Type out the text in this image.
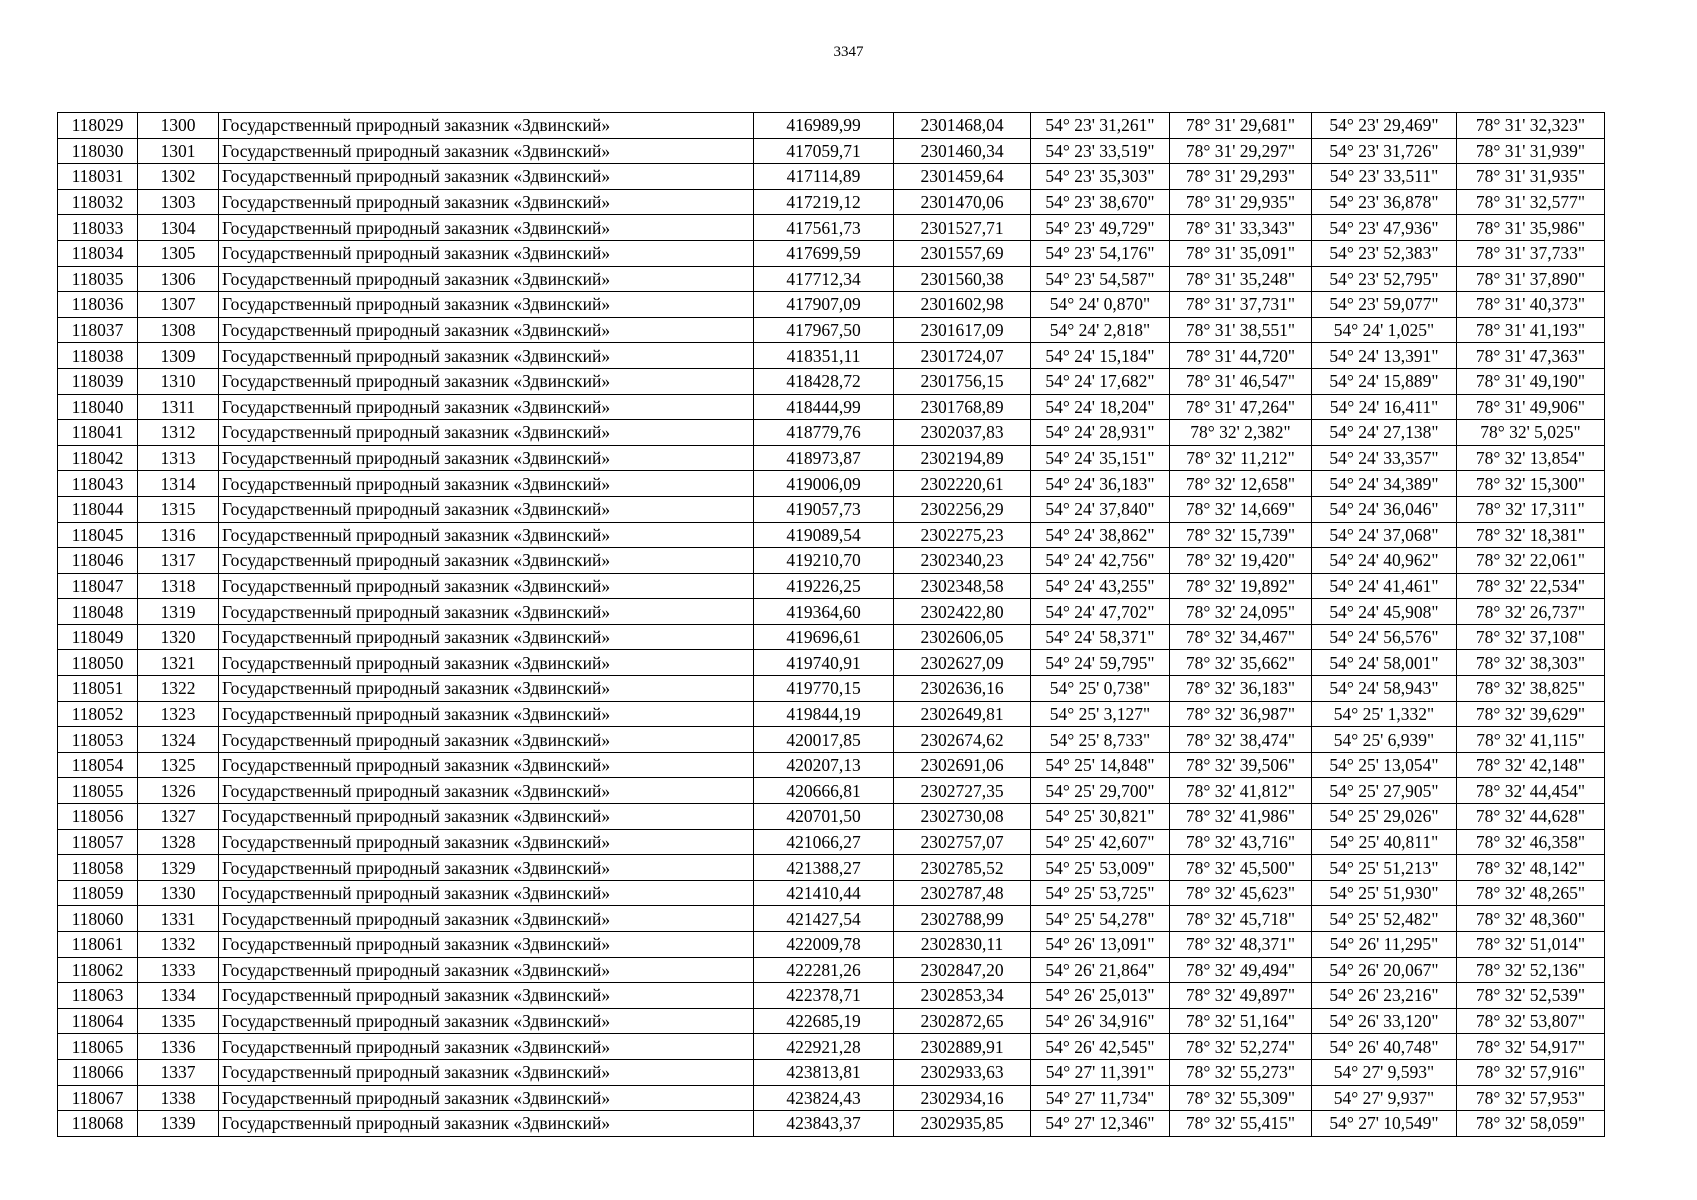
3347
118029	1300	Государственный природный заказник «Здвинский»	416989,99	2301468,04	54° 23' 31,261"	78° 31' 29,681"	54° 23' 29,469"	78° 31' 32,323"
118030	1301	Государственный природный заказник «Здвинский»	417059,71	2301460,34	54° 23' 33,519"	78° 31' 29,297"	54° 23' 31,726"	78° 31' 31,939"
118031	1302	Государственный природный заказник «Здвинский»	417114,89	2301459,64	54° 23' 35,303"	78° 31' 29,293"	54° 23' 33,511"	78° 31' 31,935"
118032	1303	Государственный природный заказник «Здвинский»	417219,12	2301470,06	54° 23' 38,670"	78° 31' 29,935"	54° 23' 36,878"	78° 31' 32,577"
118033	1304	Государственный природный заказник «Здвинский»	417561,73	2301527,71	54° 23' 49,729"	78° 31' 33,343"	54° 23' 47,936"	78° 31' 35,986"
118034	1305	Государственный природный заказник «Здвинский»	417699,59	2301557,69	54° 23' 54,176"	78° 31' 35,091"	54° 23' 52,383"	78° 31' 37,733"
118035	1306	Государственный природный заказник «Здвинский»	417712,34	2301560,38	54° 23' 54,587"	78° 31' 35,248"	54° 23' 52,795"	78° 31' 37,890"
118036	1307	Государственный природный заказник «Здвинский»	417907,09	2301602,98	54° 24' 0,870"	78° 31' 37,731"	54° 23' 59,077"	78° 31' 40,373"
118037	1308	Государственный природный заказник «Здвинский»	417967,50	2301617,09	54° 24' 2,818"	78° 31' 38,551"	54° 24' 1,025"	78° 31' 41,193"
118038	1309	Государственный природный заказник «Здвинский»	418351,11	2301724,07	54° 24' 15,184"	78° 31' 44,720"	54° 24' 13,391"	78° 31' 47,363"
118039	1310	Государственный природный заказник «Здвинский»	418428,72	2301756,15	54° 24' 17,682"	78° 31' 46,547"	54° 24' 15,889"	78° 31' 49,190"
118040	1311	Государственный природный заказник «Здвинский»	418444,99	2301768,89	54° 24' 18,204"	78° 31' 47,264"	54° 24' 16,411"	78° 31' 49,906"
118041	1312	Государственный природный заказник «Здвинский»	418779,76	2302037,83	54° 24' 28,931"	78° 32' 2,382"	54° 24' 27,138"	78° 32' 5,025"
118042	1313	Государственный природный заказник «Здвинский»	418973,87	2302194,89	54° 24' 35,151"	78° 32' 11,212"	54° 24' 33,357"	78° 32' 13,854"
118043	1314	Государственный природный заказник «Здвинский»	419006,09	2302220,61	54° 24' 36,183"	78° 32' 12,658"	54° 24' 34,389"	78° 32' 15,300"
118044	1315	Государственный природный заказник «Здвинский»	419057,73	2302256,29	54° 24' 37,840"	78° 32' 14,669"	54° 24' 36,046"	78° 32' 17,311"
118045	1316	Государственный природный заказник «Здвинский»	419089,54	2302275,23	54° 24' 38,862"	78° 32' 15,739"	54° 24' 37,068"	78° 32' 18,381"
118046	1317	Государственный природный заказник «Здвинский»	419210,70	2302340,23	54° 24' 42,756"	78° 32' 19,420"	54° 24' 40,962"	78° 32' 22,061"
118047	1318	Государственный природный заказник «Здвинский»	419226,25	2302348,58	54° 24' 43,255"	78° 32' 19,892"	54° 24' 41,461"	78° 32' 22,534"
118048	1319	Государственный природный заказник «Здвинский»	419364,60	2302422,80	54° 24' 47,702"	78° 32' 24,095"	54° 24' 45,908"	78° 32' 26,737"
118049	1320	Государственный природный заказник «Здвинский»	419696,61	2302606,05	54° 24' 58,371"	78° 32' 34,467"	54° 24' 56,576"	78° 32' 37,108"
118050	1321	Государственный природный заказник «Здвинский»	419740,91	2302627,09	54° 24' 59,795"	78° 32' 35,662"	54° 24' 58,001"	78° 32' 38,303"
118051	1322	Государственный природный заказник «Здвинский»	419770,15	2302636,16	54° 25' 0,738"	78° 32' 36,183"	54° 24' 58,943"	78° 32' 38,825"
118052	1323	Государственный природный заказник «Здвинский»	419844,19	2302649,81	54° 25' 3,127"	78° 32' 36,987"	54° 25' 1,332"	78° 32' 39,629"
118053	1324	Государственный природный заказник «Здвинский»	420017,85	2302674,62	54° 25' 8,733"	78° 32' 38,474"	54° 25' 6,939"	78° 32' 41,115"
118054	1325	Государственный природный заказник «Здвинский»	420207,13	2302691,06	54° 25' 14,848"	78° 32' 39,506"	54° 25' 13,054"	78° 32' 42,148"
118055	1326	Государственный природный заказник «Здвинский»	420666,81	2302727,35	54° 25' 29,700"	78° 32' 41,812"	54° 25' 27,905"	78° 32' 44,454"
118056	1327	Государственный природный заказник «Здвинский»	420701,50	2302730,08	54° 25' 30,821"	78° 32' 41,986"	54° 25' 29,026"	78° 32' 44,628"
118057	1328	Государственный природный заказник «Здвинский»	421066,27	2302757,07	54° 25' 42,607"	78° 32' 43,716"	54° 25' 40,811"	78° 32' 46,358"
118058	1329	Государственный природный заказник «Здвинский»	421388,27	2302785,52	54° 25' 53,009"	78° 32' 45,500"	54° 25' 51,213"	78° 32' 48,142"
118059	1330	Государственный природный заказник «Здвинский»	421410,44	2302787,48	54° 25' 53,725"	78° 32' 45,623"	54° 25' 51,930"	78° 32' 48,265"
118060	1331	Государственный природный заказник «Здвинский»	421427,54	2302788,99	54° 25' 54,278"	78° 32' 45,718"	54° 25' 52,482"	78° 32' 48,360"
118061	1332	Государственный природный заказник «Здвинский»	422009,78	2302830,11	54° 26' 13,091"	78° 32' 48,371"	54° 26' 11,295"	78° 32' 51,014"
118062	1333	Государственный природный заказник «Здвинский»	422281,26	2302847,20	54° 26' 21,864"	78° 32' 49,494"	54° 26' 20,067"	78° 32' 52,136"
118063	1334	Государственный природный заказник «Здвинский»	422378,71	2302853,34	54° 26' 25,013"	78° 32' 49,897"	54° 26' 23,216"	78° 32' 52,539"
118064	1335	Государственный природный заказник «Здвинский»	422685,19	2302872,65	54° 26' 34,916"	78° 32' 51,164"	54° 26' 33,120"	78° 32' 53,807"
118065	1336	Государственный природный заказник «Здвинский»	422921,28	2302889,91	54° 26' 42,545"	78° 32' 52,274"	54° 26' 40,748"	78° 32' 54,917"
118066	1337	Государственный природный заказник «Здвинский»	423813,81	2302933,63	54° 27' 11,391"	78° 32' 55,273"	54° 27' 9,593"	78° 32' 57,916"
118067	1338	Государственный природный заказник «Здвинский»	423824,43	2302934,16	54° 27' 11,734"	78° 32' 55,309"	54° 27' 9,937"	78° 32' 57,953"
118068	1339	Государственный природный заказник «Здвинский»	423843,37	2302935,85	54° 27' 12,346"	78° 32' 55,415"	54° 27' 10,549"	78° 32' 58,059"
